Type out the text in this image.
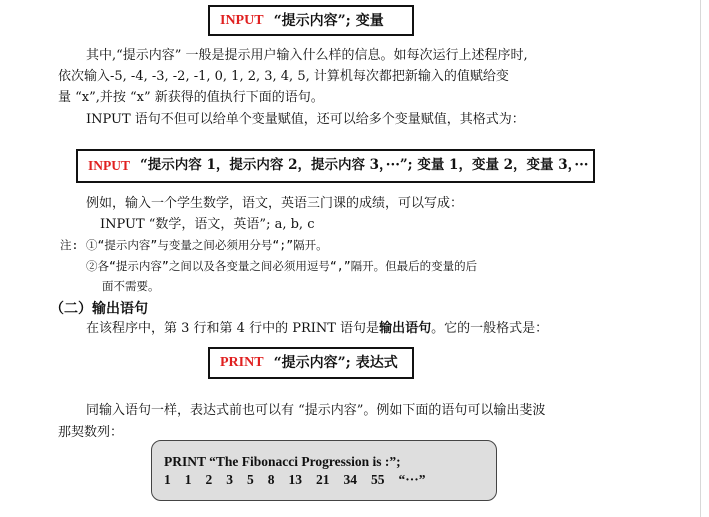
INPUT “提示内容”; 变量
其中,“提示内容” 一般是提示用户输入什么样的信息。如每次运行上述程序时,
依次输入-5, -4, -3, -2, -1, 0, 1, 2, 3, 4, 5, 计算机每次都把新输入的值赋给变
量 “x”,并按 “x” 新获得的值执行下面的语句。
INPUT 语句不但可以给单个变量赋值，还可以给多个变量赋值，其格式为：
INPUT “提示内容 1，提示内容 2，提示内容 3，···”; 变量 1，变量 2，变量 3，···
例如，输入一个学生数学，语文，英语三门课的成绩，可以写成：
INPUT “数学，语文，英语”; a, b, c
注: ①“提示内容”与变量之间必须用分号“;”隔开。
②各“提示内容”之间以及各变量之间必须用逗号“,”隔开。但最后的变量的后
面不需要。
（二）输出语句
在该程序中，第 3 行和第 4 行中的 PRINT 语句是输出语句。它的一般格式是：
PRINT “提示内容”; 表达式
同输入语句一样，表达式前也可以有 “提示内容”。例如下面的语句可以输出斐波
那契数列：
PRINT “The Fibonacci Progression is :”;
1 1 2 3 5 8 13 21 34 55 “···”
